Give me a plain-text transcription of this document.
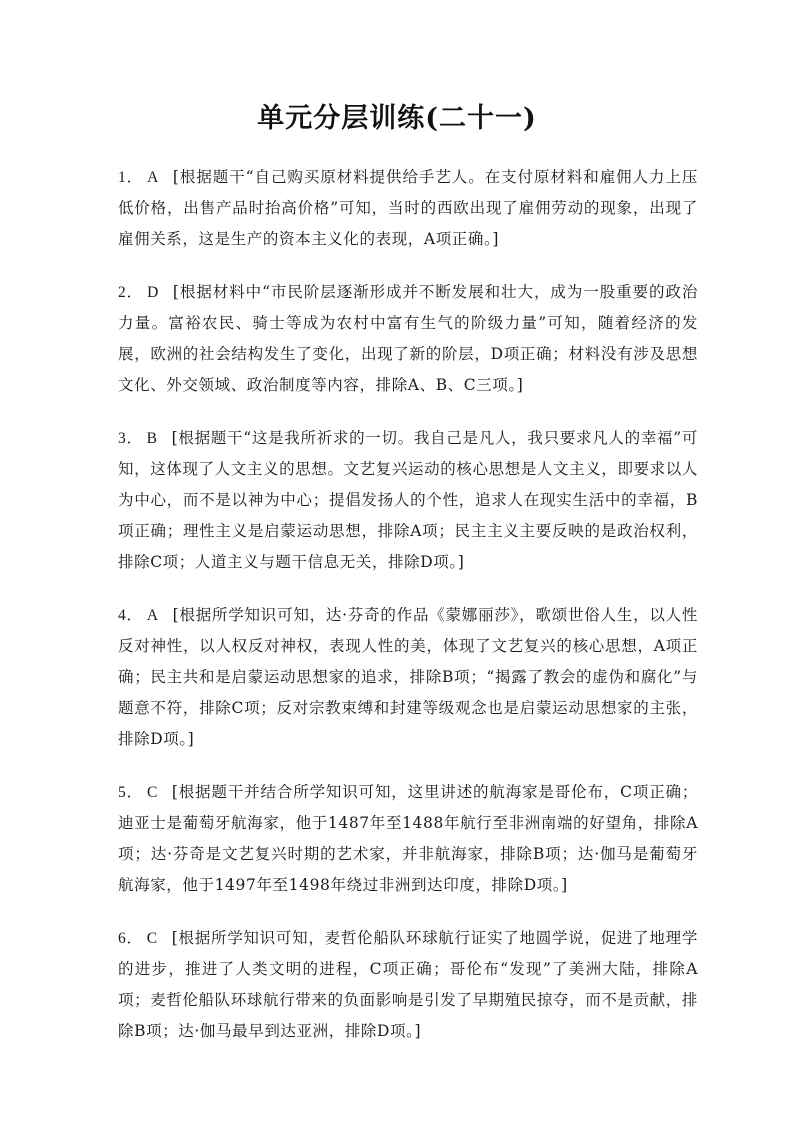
单元分层训练(二十一)

1． A [根据题干“自己购买原材料提供给手艺人。在支付原材料和雇佣人力上压低价格，出售产品时抬高价格”可知，当时的西欧出现了雇佣劳动的现象，出现了雇佣关系，这是生产的资本主义化的表现，A项正确。]

2． D [根据材料中“市民阶层逐渐形成并不断发展和壮大，成为一股重要的政治力量。富裕农民、骑士等成为农村中富有生气的阶级力量”可知，随着经济的发展，欧洲的社会结构发生了变化，出现了新的阶层，D项正确；材料没有涉及思想文化、外交领域、政治制度等内容，排除A、B、C三项。]

3． B [根据题干“这是我所祈求的一切。我自己是凡人，我只要求凡人的幸福”可知，这体现了人文主义的思想。文艺复兴运动的核心思想是人文主义，即要求以人为中心，而不是以神为中心；提倡发扬人的个性，追求人在现实生活中的幸福，B项正确；理性主义是启蒙运动思想，排除A项；民主主义主要反映的是政治权利，排除C项；人道主义与题干信息无关，排除D项。]

4． A [根据所学知识可知，达·芬奇的作品《蒙娜丽莎》，歌颂世俗人生，以人性反对神性，以人权反对神权，表现人性的美，体现了文艺复兴的核心思想，A项正确；民主共和是启蒙运动思想家的追求，排除B项；“揭露了教会的虚伪和腐化”与题意不符，排除C项；反对宗教束缚和封建等级观念也是启蒙运动思想家的主张，排除D项。]

5． C [根据题干并结合所学知识可知，这里讲述的航海家是哥伦布，C项正确；迪亚士是葡萄牙航海家，他于1487年至1488年航行至非洲南端的好望角，排除A项；达·芬奇是文艺复兴时期的艺术家，并非航海家，排除B项；达·伽马是葡萄牙航海家，他于1497年至1498年绕过非洲到达印度，排除D项。]

6． C [根据所学知识可知，麦哲伦船队环球航行证实了地圆学说，促进了地理学的进步，推进了人类文明的进程，C项正确；哥伦布“发现”了美洲大陆，排除A项；麦哲伦船队环球航行带来的负面影响是引发了早期殖民掠夺，而不是贡献，排除B项；达·伽马最早到达亚洲，排除D项。]
